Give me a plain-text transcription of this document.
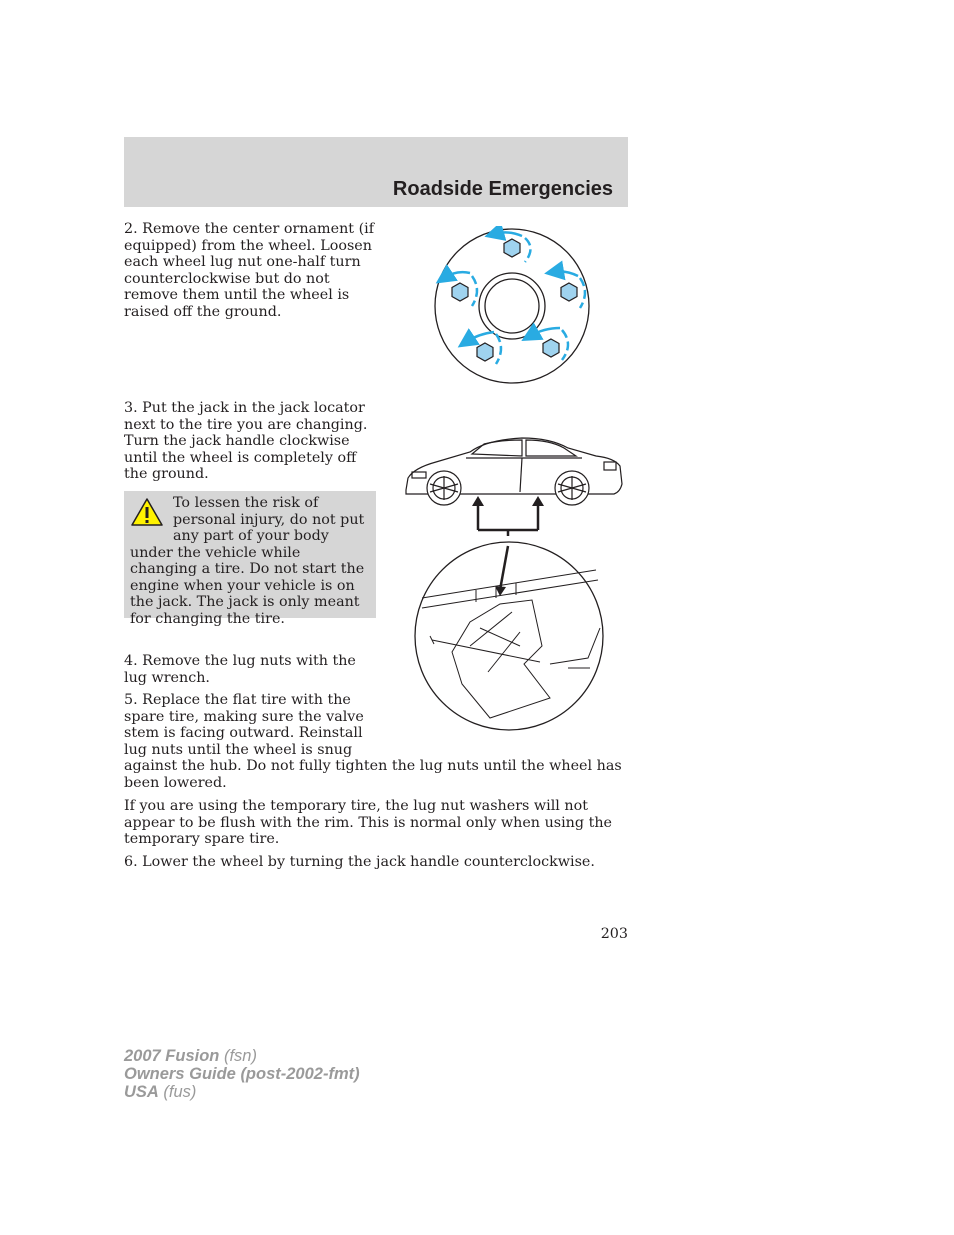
Roadside Emergencies

2. Remove the center ornament (if equipped) from the wheel. Loosen each wheel lug nut one-half turn counterclockwise but do not remove them until the wheel is raised off the ground.

3. Put the jack in the jack locator next to the tire you are changing. Turn the jack handle clockwise until the wheel is completely off the ground.

To lessen the risk of personal injury, do not put any part of your body under the vehicle while changing a tire. Do not start the engine when your vehicle is on the jack. The jack is only meant for changing the tire.

4. Remove the lug nuts with the lug wrench.

5. Replace the flat tire with the spare tire, making sure the valve stem is facing outward. Reinstall lug nuts until the wheel is snug against the hub. Do not fully tighten the lug nuts until the wheel has been lowered.

If you are using the temporary tire, the lug nut washers will not appear to be flush with the rim. This is normal only when using the temporary spare tire.

6. Lower the wheel by turning the jack handle counterclockwise.

203
2007 Fusion (fsn)
Owners Guide (post-2002-fmt)
USA (fus)
